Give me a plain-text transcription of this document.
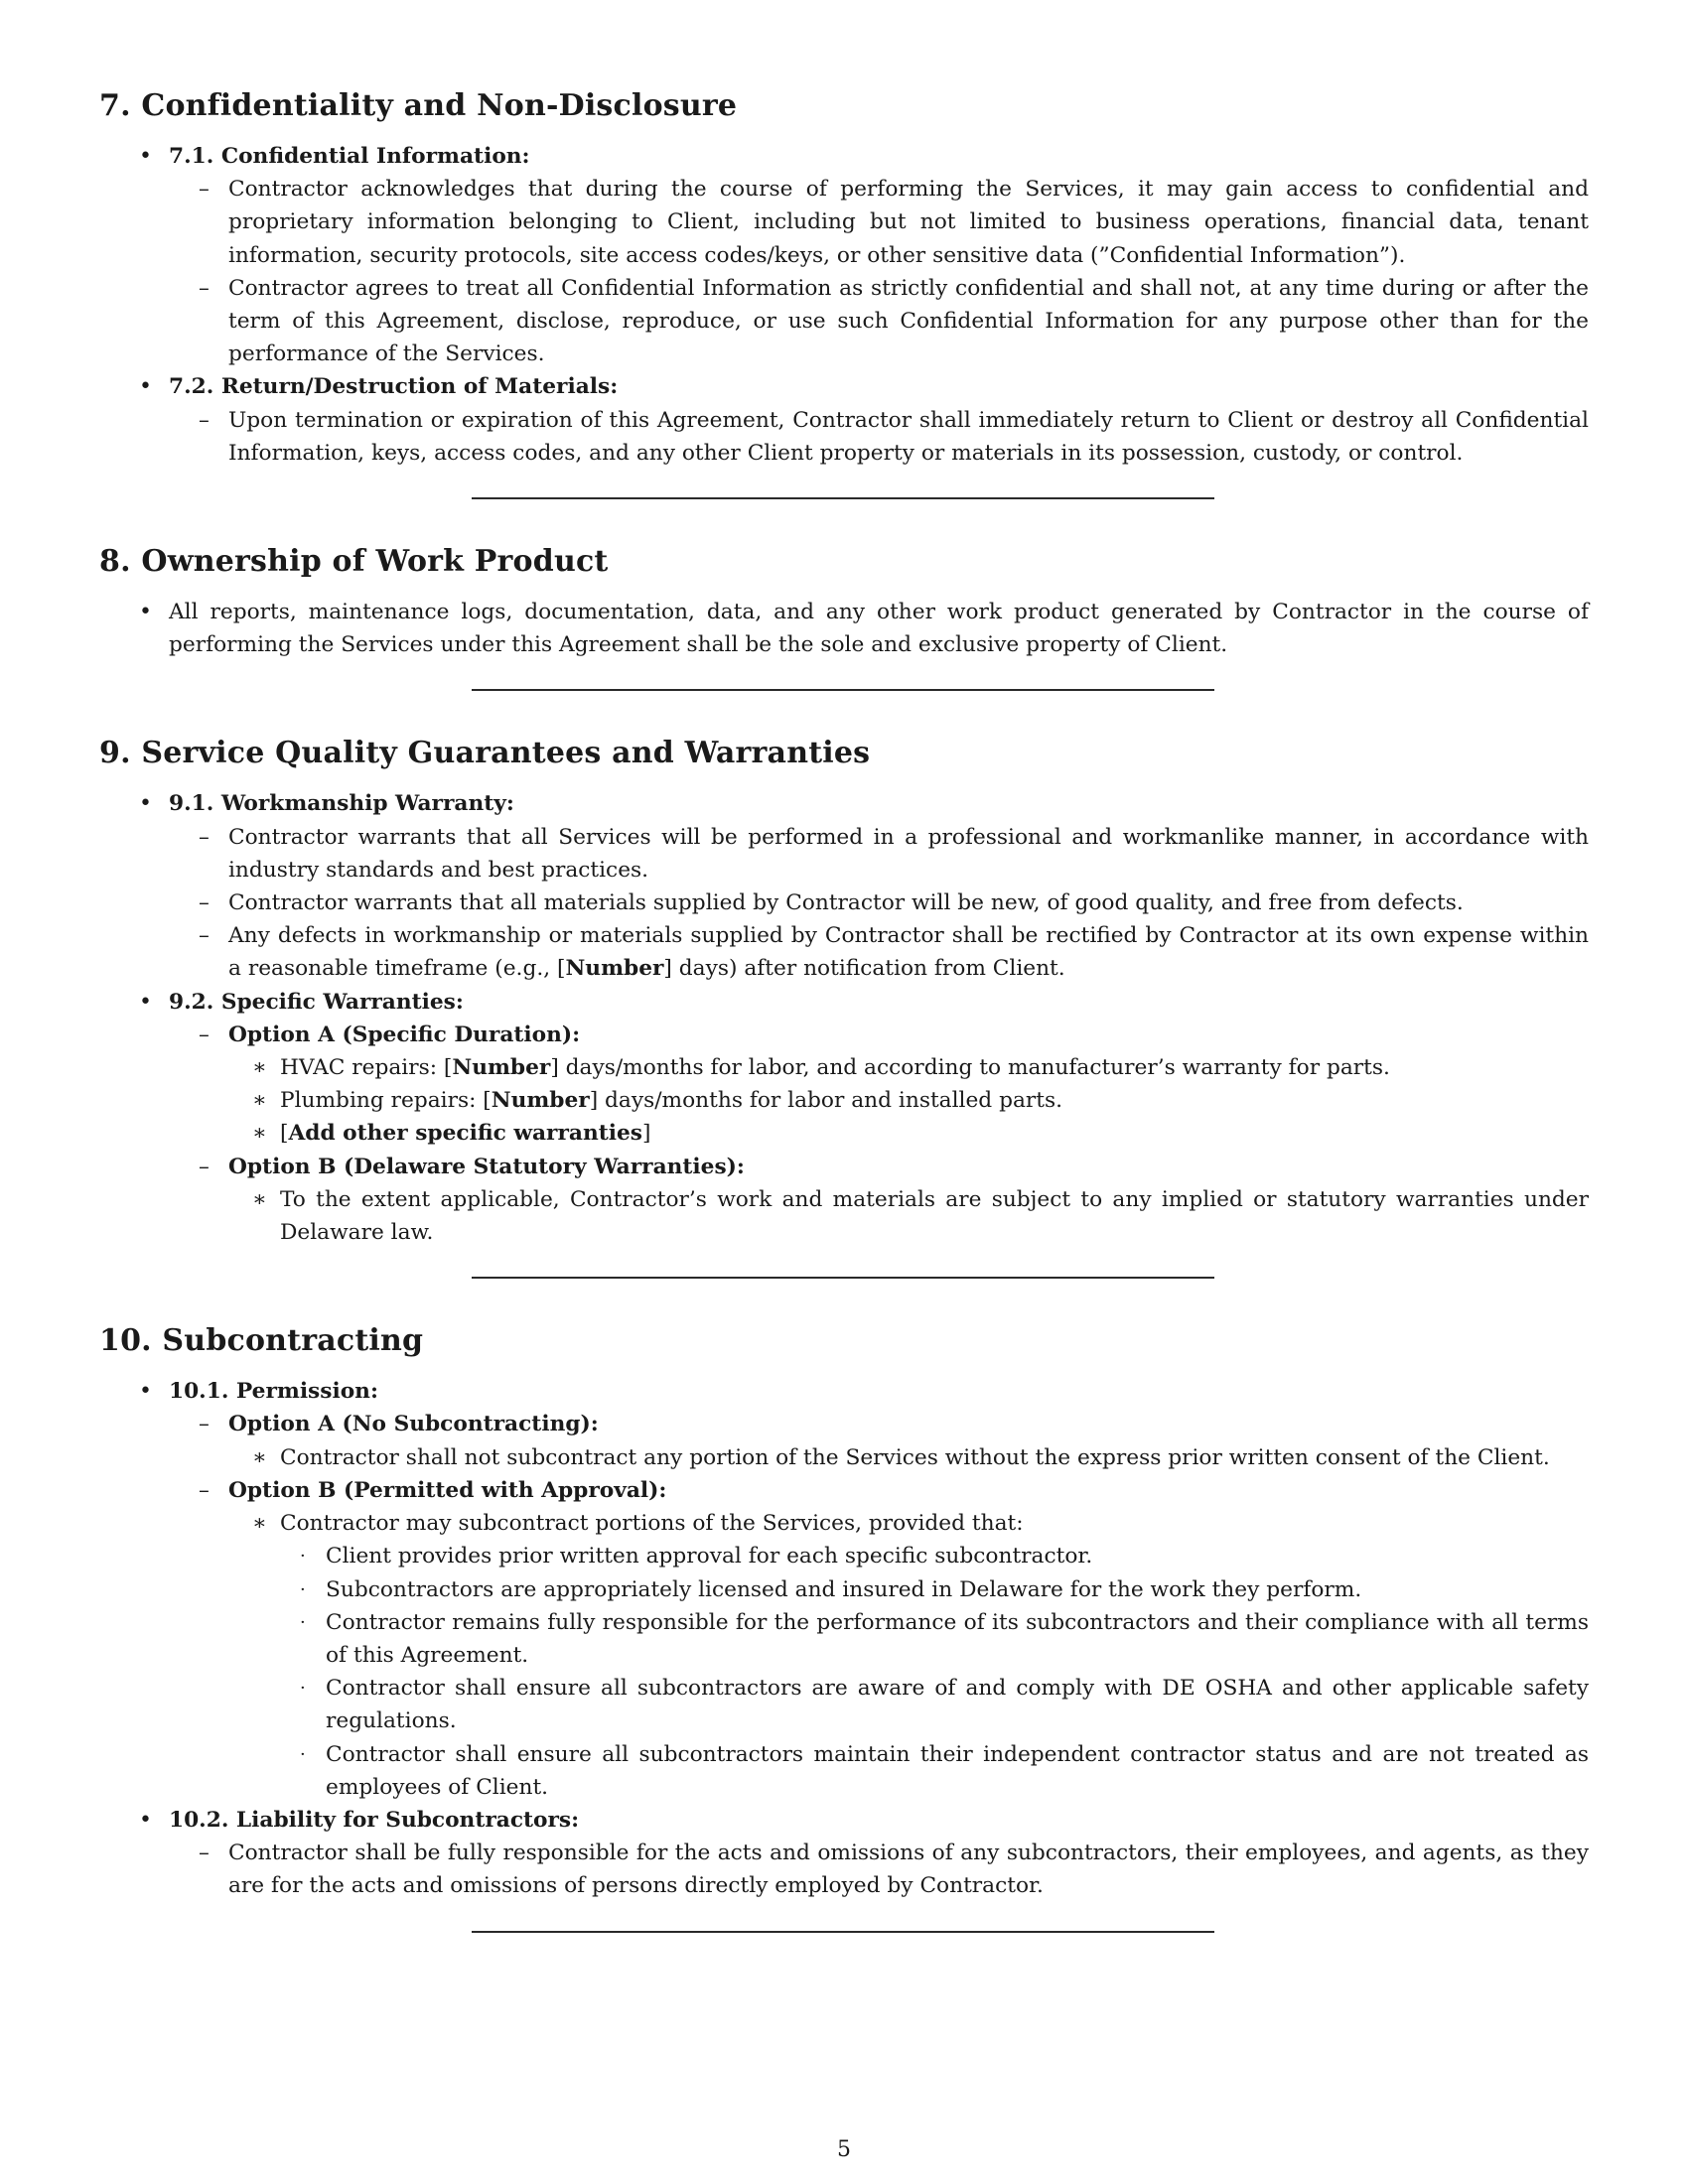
7. Confidentiality and Non-Disclosure
• 7.1. Confidential Information:
– Contractor acknowledges that during the course of performing the Services, it may gain access to confidential and proprietary information belonging to Client, including but not limited to business operations, financial data, tenant information, security protocols, site access codes/keys, or other sensitive data (”Confidential Information”).
– Contractor agrees to treat all Confidential Information as strictly confidential and shall not, at any time during or after the term of this Agreement, disclose, reproduce, or use such Confidential Information for any purpose other than for the performance of the Services.
• 7.2. Return/Destruction of Materials:
– Upon termination or expiration of this Agreement, Contractor shall immediately return to Client or destroy all Confidential Information, keys, access codes, and any other Client property or materials in its possession, custody, or control.
8. Ownership of Work Product
• All reports, maintenance logs, documentation, data, and any other work product generated by Contractor in the course of performing the Services under this Agreement shall be the sole and exclusive property of Client.
9. Service Quality Guarantees and Warranties
• 9.1. Workmanship Warranty:
– Contractor warrants that all Services will be performed in a professional and workmanlike manner, in accordance with industry standards and best practices.
– Contractor warrants that all materials supplied by Contractor will be new, of good quality, and free from defects.
– Any defects in workmanship or materials supplied by Contractor shall be rectified by Contractor at its own expense within a reasonable timeframe (e.g., [Number] days) after notification from Client.
• 9.2. Specific Warranties:
– Option A (Specific Duration):
∗ HVAC repairs: [Number] days/months for labor, and according to manufacturer’s warranty for parts.
∗ Plumbing repairs: [Number] days/months for labor and installed parts.
∗ [Add other specific warranties]
– Option B (Delaware Statutory Warranties):
∗ To the extent applicable, Contractor’s work and materials are subject to any implied or statutory warranties under Delaware law.
10. Subcontracting
• 10.1. Permission:
– Option A (No Subcontracting):
∗ Contractor shall not subcontract any portion of the Services without the express prior written consent of the Client.
– Option B (Permitted with Approval):
∗ Contractor may subcontract portions of the Services, provided that:
· Client provides prior written approval for each specific subcontractor.
· Subcontractors are appropriately licensed and insured in Delaware for the work they perform.
· Contractor remains fully responsible for the performance of its subcontractors and their compliance with all terms of this Agreement.
· Contractor shall ensure all subcontractors are aware of and comply with DE OSHA and other applicable safety regulations.
· Contractor shall ensure all subcontractors maintain their independent contractor status and are not treated as employees of Client.
• 10.2. Liability for Subcontractors:
– Contractor shall be fully responsible for the acts and omissions of any subcontractors, their employees, and agents, as they are for the acts and omissions of persons directly employed by Contractor.
5
